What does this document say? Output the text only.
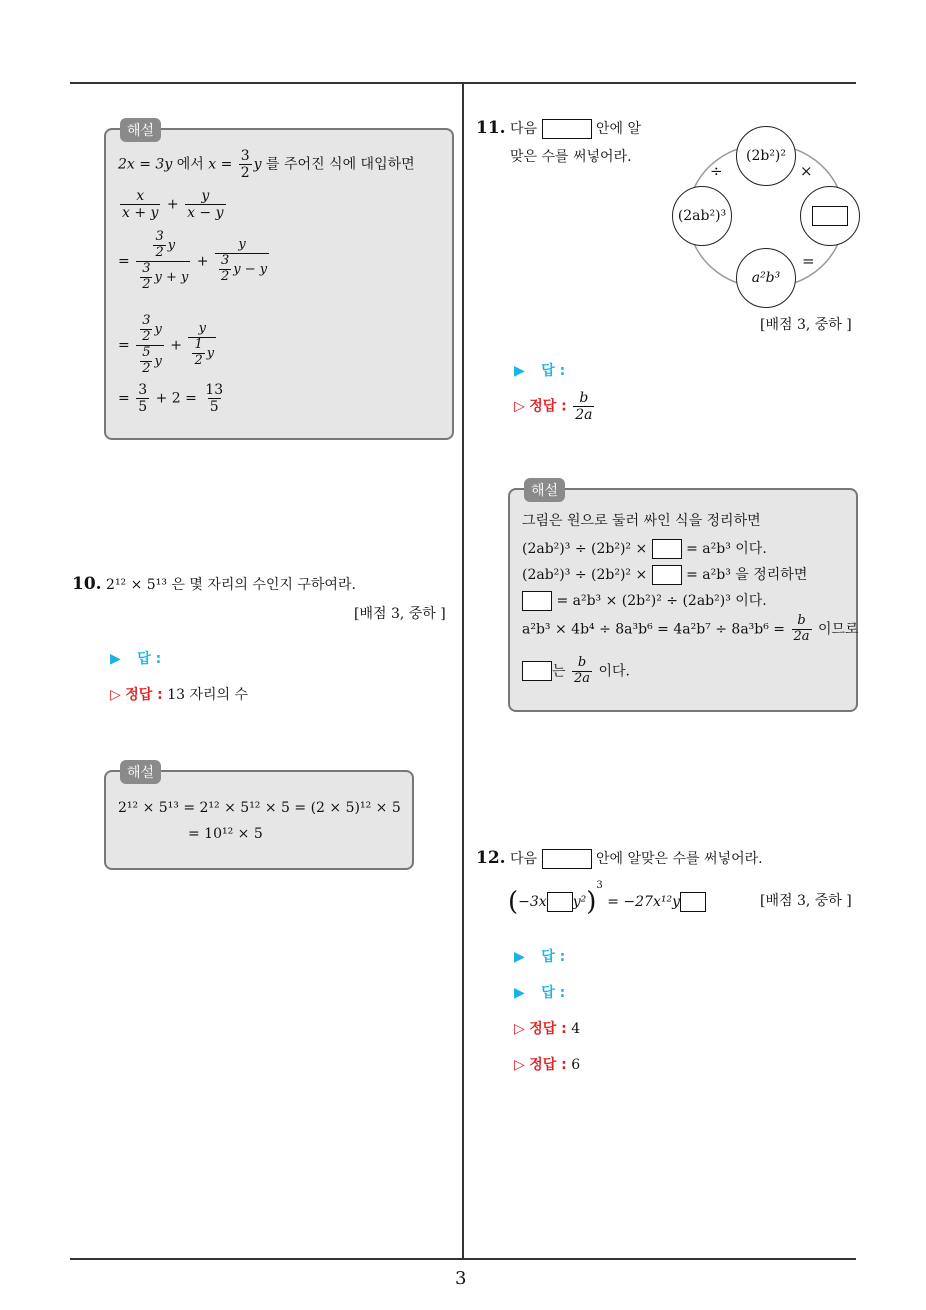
3
해설
2x = 3y 에서 $x = \frac{3}{2}$ y 를 주어진 식에 대입하면
$\frac{x}{x + y} + \frac{y}{x - y}$
= $\frac{\frac{3}{2} y}{\frac{3}{2} y + y} + \frac{y}{\frac{3}{2} y - y}$
= $\frac{\frac{3}{2} y}{\frac{5}{2} y} + \frac{y}{\frac{1}{2} y}$
= $\frac{3}{5} + 2 = \frac{13}{5}$
10. 2¹² × 5¹³ 은 몇 자리의 수인지 구하여라.
[배점 3, 중하 ]
▶ 답 :
▷ 정답 : 13 자리의 수
해설
2¹² × 5¹³ = 2¹² × 5¹² × 5 = (2 × 5)¹² × 5
= 10¹² × 5
11. 다음	안에 알
맞은 수를 써넣어라.	(2b²)²
(2ab²)³
a²b³
÷	×
=
[배점 3, 중하 ]
▶ 답 :
▷ 정답 : $\frac{b}{2a}$
해설
그림은 원으로 둘러 싸인 식을 정리하면
(2ab²)³ ÷ (2b²)² ×	= a²b³ 이다.
(2ab²)³ ÷ (2b²)² ×	= a²b³ 을 정리하면
= a²b³ × (2b²)² ÷ (2ab²)³ 이다.
$a^2b^3 \times 4b^4 \div 8a^3b^6 = 4a^2b^7 \div 8a^3b^6 = \frac{b}{2a}$ 이므로
는 $\frac{b}{2a}$ 이다.
12. 다음	안에 알맞은 수를 써넣어라.
(−3x y²)$^3$ = −27x¹²y	[배점 3, 중하 ]
▶ 답 :
▶ 답 :
▷ 정답 : 4
▷ 정답 : 6
